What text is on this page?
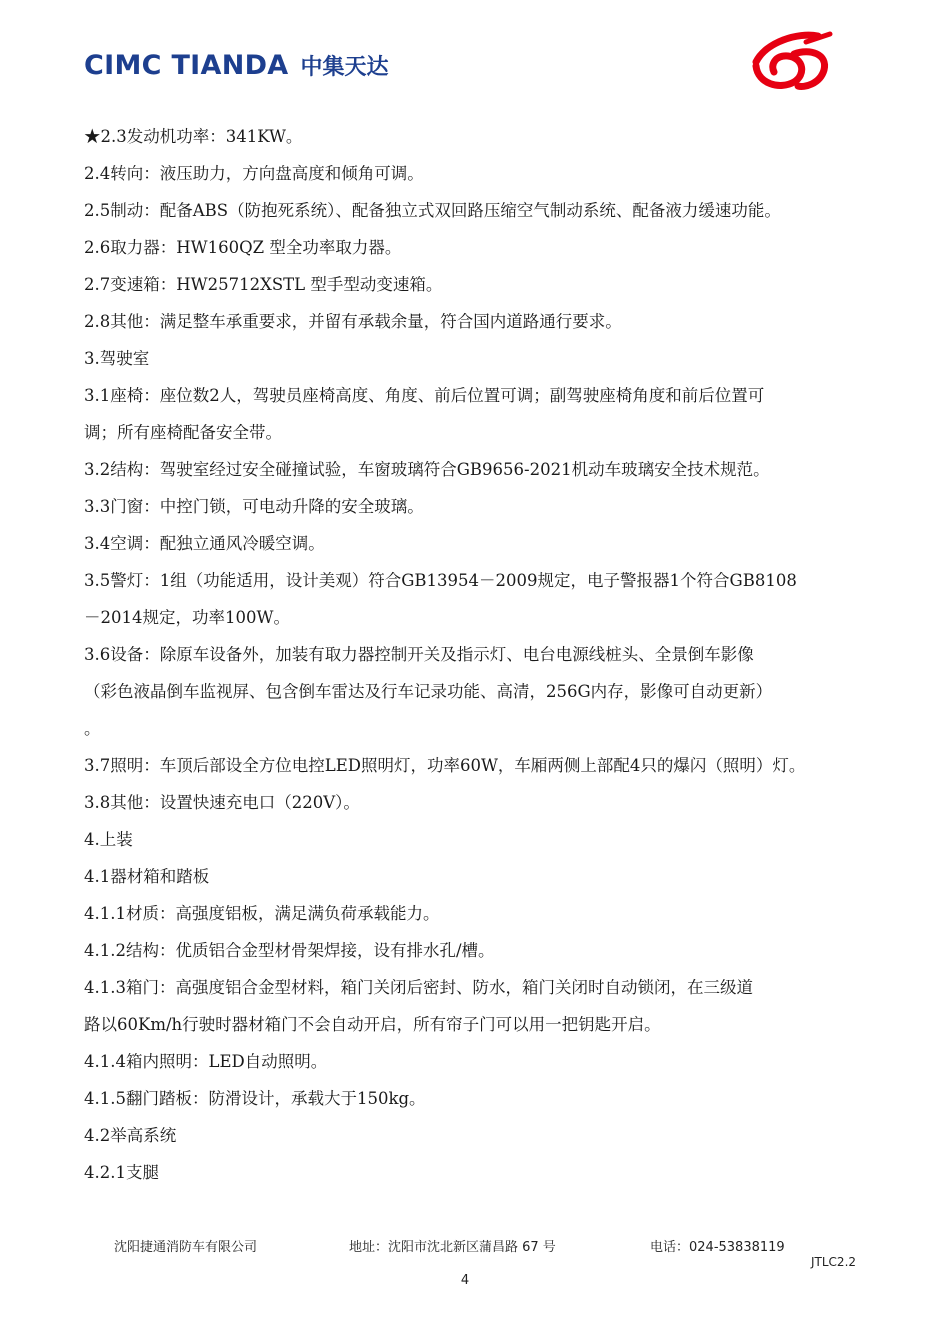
CIMC TIANDA 中集天达
★2.3发动机功率：341KW。
2.4转向：液压助力，方向盘高度和倾角可调。
2.5制动：配备ABS（防抱死系统）、配备独立式双回路压缩空气制动系统、配备液力缓速功能。
2.6取力器：HW160QZ 型全功率取力器。
2.7变速箱：HW25712XSTL 型手型动变速箱。
2.8其他：满足整车承重要求，并留有承载余量，符合国内道路通行要求。
3.驾驶室
3.1座椅：座位数2人，驾驶员座椅高度、角度、前后位置可调；副驾驶座椅角度和前后位置可
调；所有座椅配备安全带。
3.2结构：驾驶室经过安全碰撞试验，车窗玻璃符合GB9656-2021机动车玻璃安全技术规范。
3.3门窗：中控门锁，可电动升降的安全玻璃。
3.4空调：配独立通风冷暖空调。
3.5警灯：1组（功能适用，设计美观）符合GB13954－2009规定，电子警报器1个符合GB8108
－2014规定，功率100W。
3.6设备：除原车设备外，加装有取力器控制开关及指示灯、电台电源线桩头、全景倒车影像
（彩色液晶倒车监视屏、包含倒车雷达及行车记录功能、高清，256G内存，影像可自动更新）
。
3.7照明：车顶后部设全方位电控LED照明灯，功率60W，车厢两侧上部配4只的爆闪（照明）灯。
3.8其他：设置快速充电口（220V）。
4.上装
4.1器材箱和踏板
4.1.1材质：高强度铝板，满足满负荷承载能力。
4.1.2结构：优质铝合金型材骨架焊接，设有排水孔/槽。
4.1.3箱门：高强度铝合金型材料，箱门关闭后密封、防水，箱门关闭时自动锁闭，在三级道
路以60Km/h行驶时器材箱门不会自动开启，所有帘子门可以用一把钥匙开启。
4.1.4箱内照明：LED自动照明。
4.1.5翻门踏板：防滑设计，承载大于150kg。
4.2举高系统
4.2.1支腿
沈阳捷通消防车有限公司	地址：沈阳市沈北新区蒲昌路 67 号	电话：024-53838119
JTLC2.2
4
